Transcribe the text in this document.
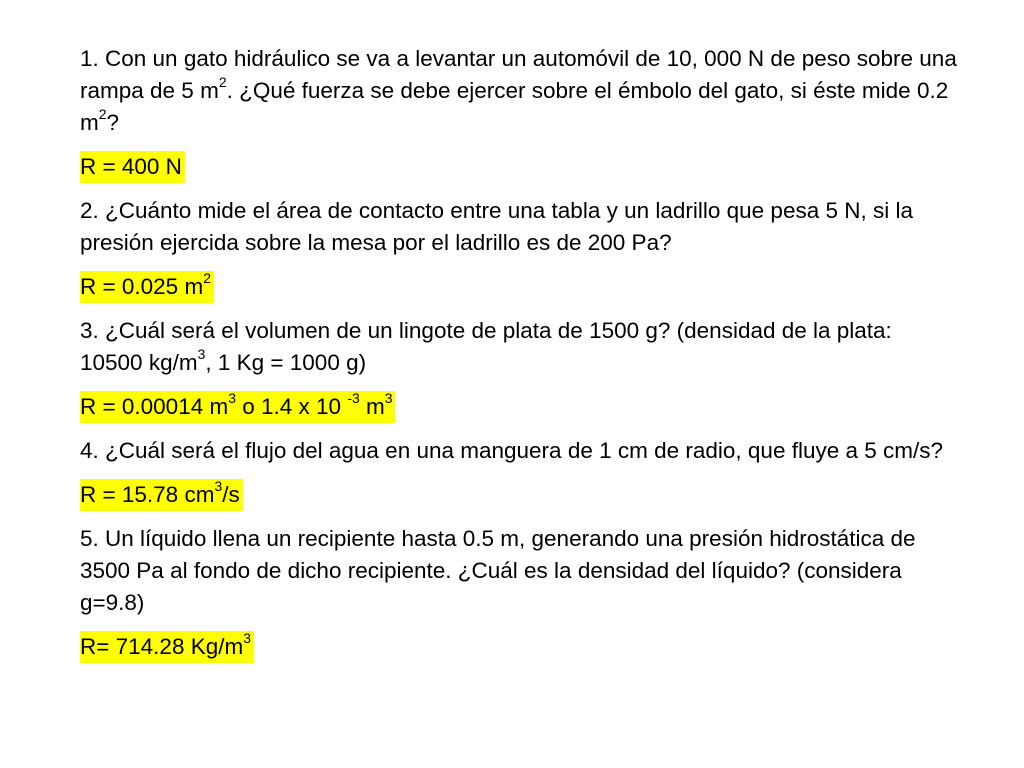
1. Con un gato hidráulico se va a levantar un automóvil de 10, 000 N de peso sobre una rampa de 5 $m^2$. ¿Qué fuerza se debe ejercer sobre el émbolo del gato, si éste mide 0.2 $m^2$?

R = 400 N

2. ¿Cuánto mide el área de contacto entre una tabla y un ladrillo que pesa 5 N, si la presión ejercida sobre la mesa por el ladrillo es de 200 Pa?

R = 0.025 $m^2$

3. ¿Cuál será el volumen de un lingote de plata de 1500 g? (densidad de la plata: 10500 $kg/m^3$, 1 Kg = 1000 g)

R = 0.00014 $m^3$ o 1.4 x 10 $^{-3}$ $m^3$

4. ¿Cuál será el flujo del agua en una manguera de 1 cm de radio, que fluye a 5 cm/s?

R = 15.78 $cm^3/s$

5. Un líquido llena un recipiente hasta 0.5 m, generando una presión hidrostática de 3500 Pa al fondo de dicho recipiente. ¿Cuál es la densidad del líquido? (considera g=9.8)

R= 714.28 $Kg/m^3$
